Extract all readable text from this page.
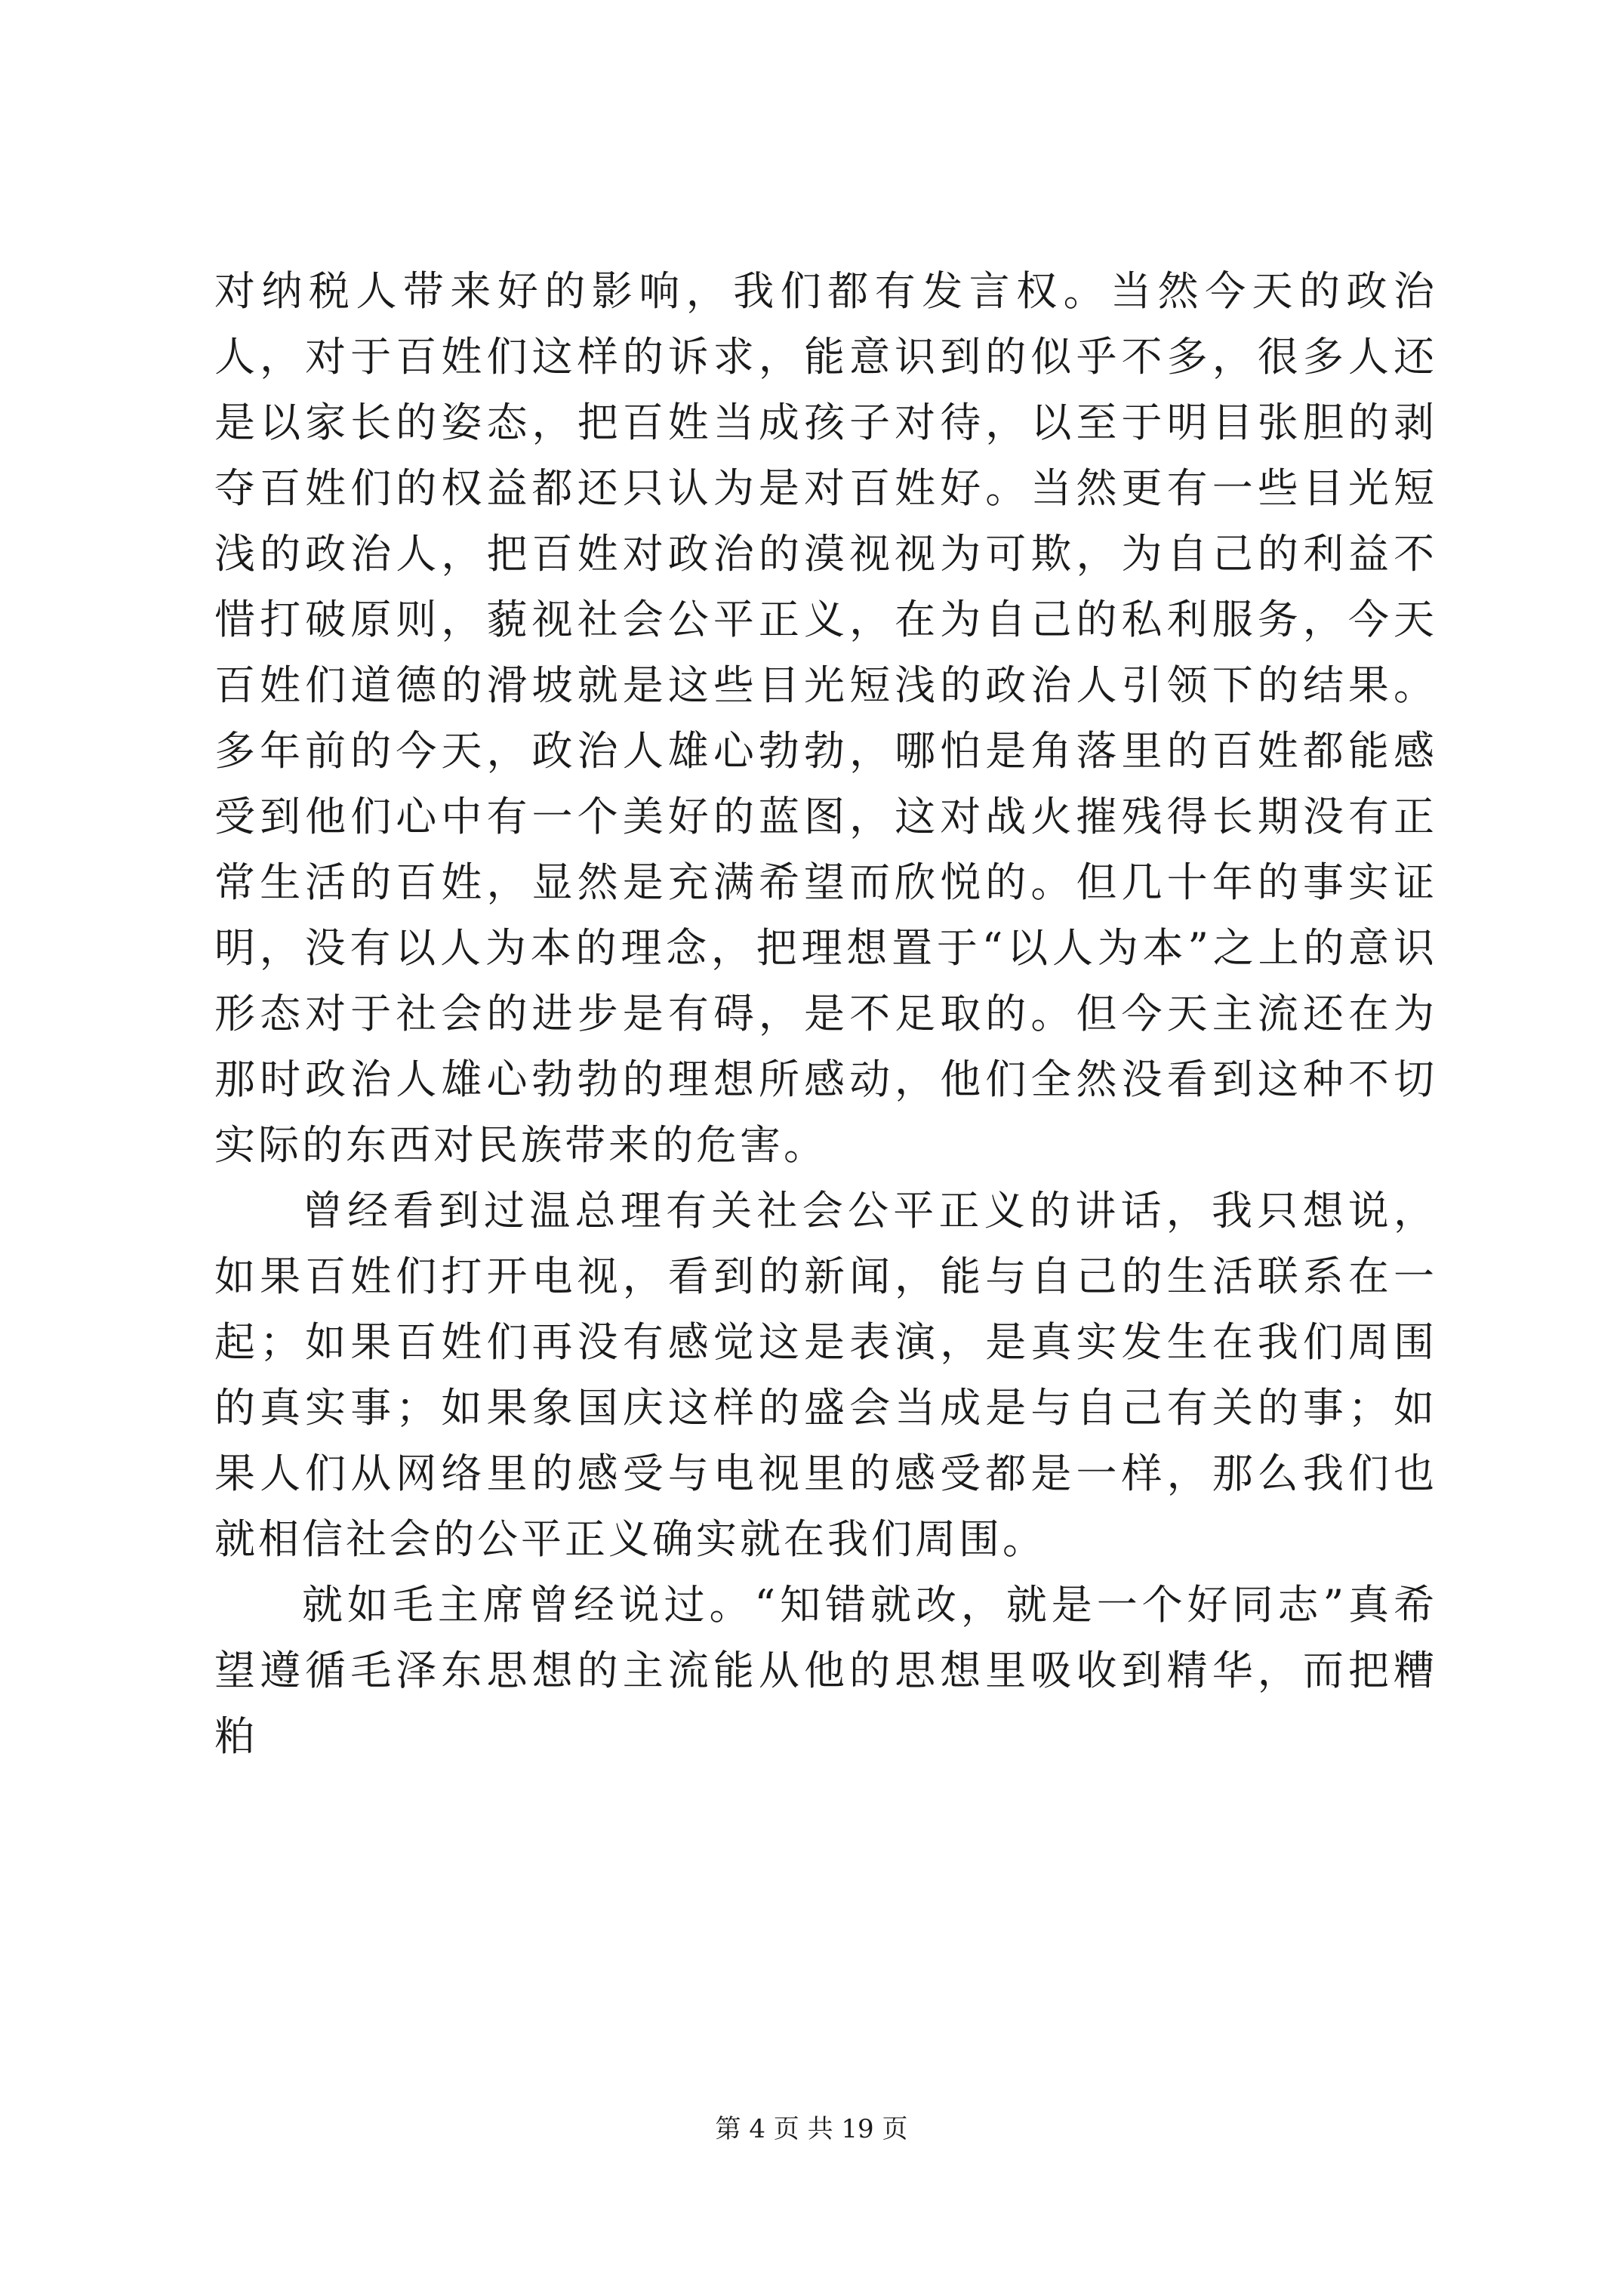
对纳税人带来好的影响，我们都有发言权。当然今天的政治人，对于百姓们这样的诉求，能意识到的似乎不多，很多人还是以家长的姿态，把百姓当成孩子对待，以至于明目张胆的剥夺百姓们的权益都还只认为是对百姓好。当然更有一些目光短浅的政治人，把百姓对政治的漠视视为可欺，为自己的利益不惜打破原则，藐视社会公平正义，在为自己的私利服务，今天百姓们道德的滑坡就是这些目光短浅的政治人引领下的结果。多年前的今天，政治人雄心勃勃，哪怕是角落里的百姓都能感受到他们心中有一个美好的蓝图，这对战火摧残得长期没有正常生活的百姓，显然是充满希望而欣悦的。但几十年的事实证明，没有以人为本的理念，把理想置于“以人为本”之上的意识形态对于社会的进步是有碍，是不足取的。但今天主流还在为那时政治人雄心勃勃的理想所感动，他们全然没看到这种不切实际的东西对民族带来的危害。

曾经看到过温总理有关社会公平正义的讲话，我只想说，如果百姓们打开电视，看到的新闻，能与自己的生活联系在一起；如果百姓们再没有感觉这是表演，是真实发生在我们周围的真实事；如果象国庆这样的盛会当成是与自己有关的事；如果人们从网络里的感受与电视里的感受都是一样，那么我们也就相信社会的公平正义确实就在我们周围。

就如毛主席曾经说过。“知错就改，就是一个好同志”真希望遵循毛泽东思想的主流能从他的思想里吸收到精华，而把糟粕

第 4 页 共 19 页
